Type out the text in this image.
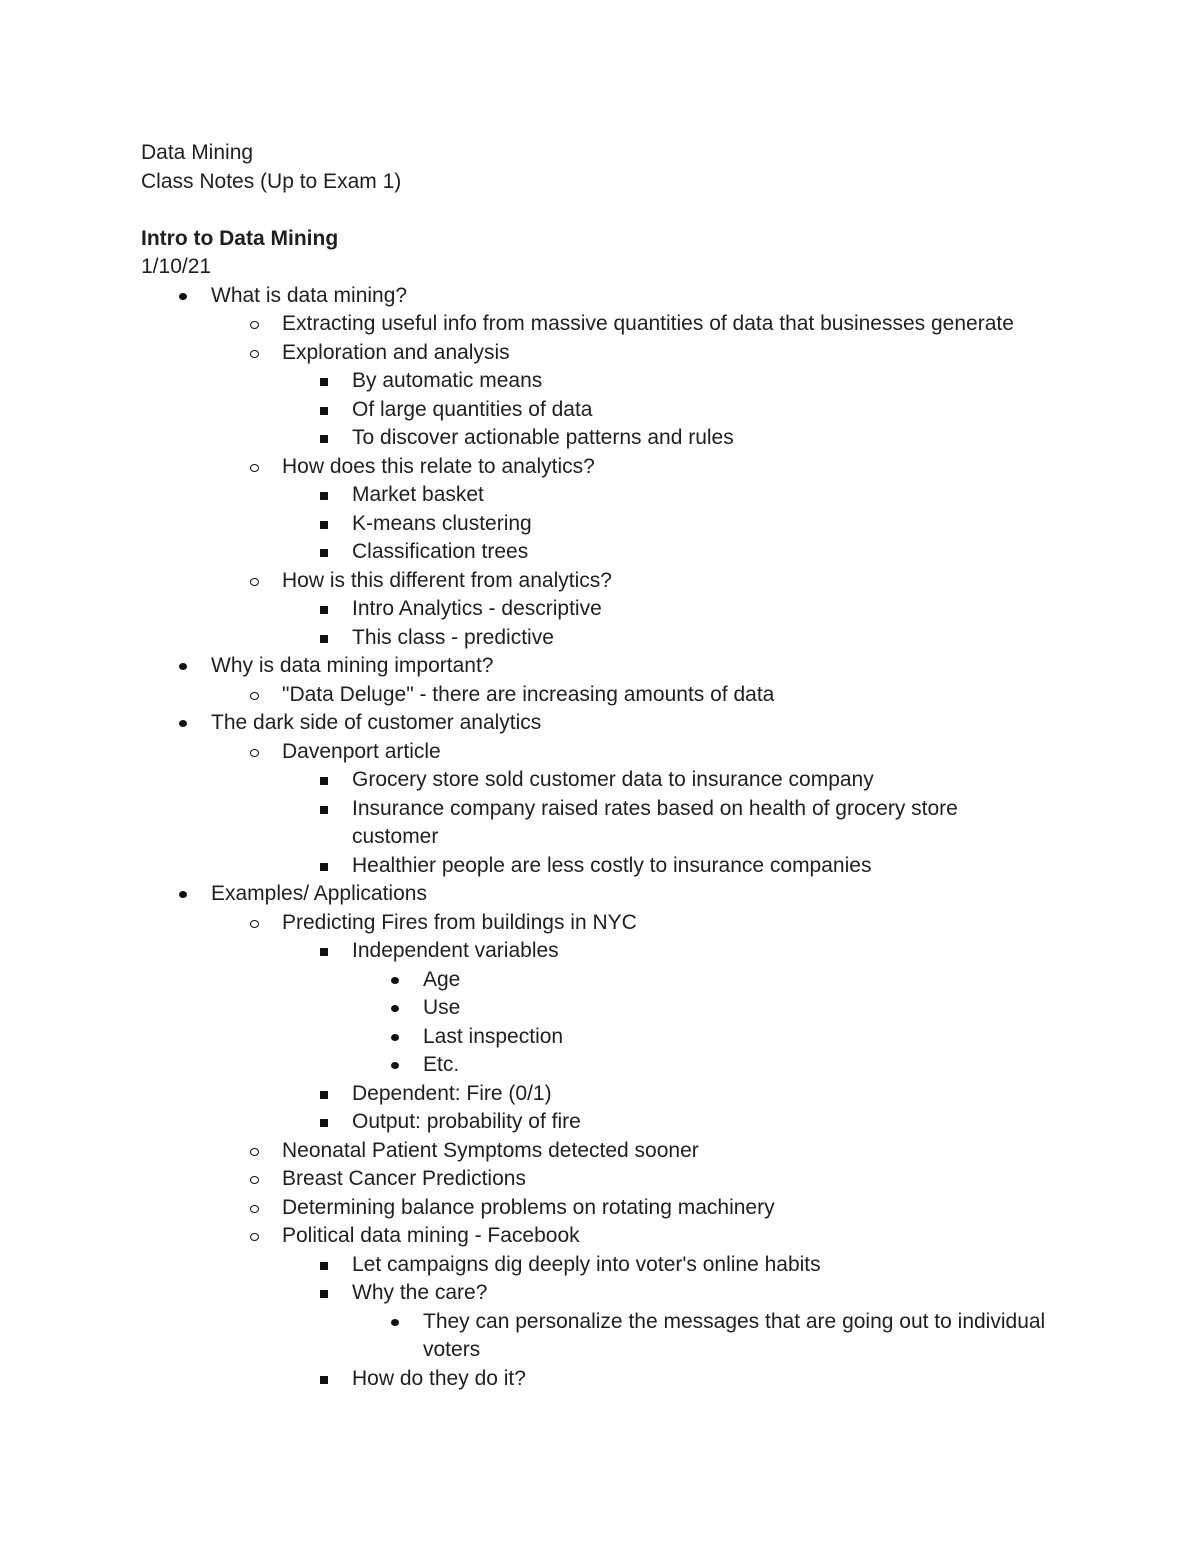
Data Mining

Class Notes (Up to Exam 1)

Intro to Data Mining

1/10/21

What is data mining?
Extracting useful info from massive quantities of data that businesses generate
Exploration and analysis
By automatic means
Of large quantities of data
To discover actionable patterns and rules
How does this relate to analytics?
Market basket
K-means clustering
Classification trees
How is this different from analytics?
Intro Analytics - descriptive
This class - predictive
Why is data mining important?
"Data Deluge" - there are increasing amounts of data
The dark side of customer analytics
Davenport article
Grocery store sold customer data to insurance company
Insurance company raised rates based on health of grocery store customer
Healthier people are less costly to insurance companies
Examples/ Applications
Predicting Fires from buildings in NYC
Independent variables
Age
Use
Last inspection
Etc.
Dependent: Fire (0/1)
Output: probability of fire
Neonatal Patient Symptoms detected sooner
Breast Cancer Predictions
Determining balance problems on rotating machinery
Political data mining - Facebook
Let campaigns dig deeply into voter's online habits
Why the care?
They can personalize the messages that are going out to individual voters
How do they do it?
